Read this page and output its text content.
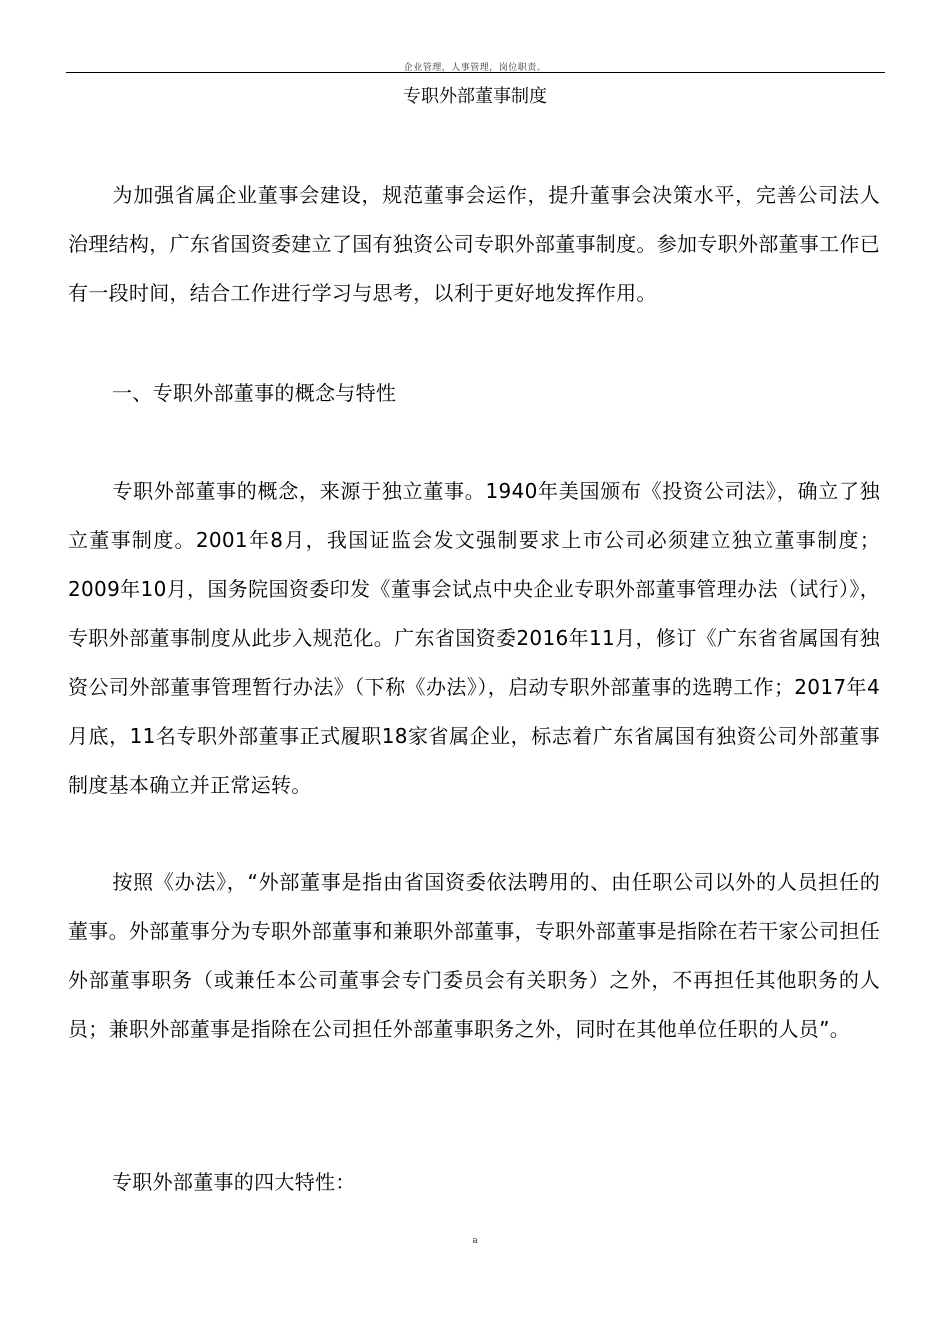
企业管理，人事管理，岗位职责。
专职外部董事制度

为加强省属企业董事会建设，规范董事会运作，提升董事会决策水平，完善公司法人治理结构，广东省国资委建立了国有独资公司专职外部董事制度。参加专职外部董事工作已有一段时间，结合工作进行学习与思考，以利于更好地发挥作用。

一、专职外部董事的概念与特性

专职外部董事的概念，来源于独立董事。1940年美国颁布《投资公司法》，确立了独立董事制度。2001年8月，我国证监会发文强制要求上市公司必须建立独立董事制度；2009年10月，国务院国资委印发《董事会试点中央企业专职外部董事管理办法（试行）》，专职外部董事制度从此步入规范化。广东省国资委2016年11月，修订《广东省省属国有独资公司外部董事管理暂行办法》（下称《办法》），启动专职外部董事的选聘工作；2017年4月底，11名专职外部董事正式履职18家省属企业，标志着广东省属国有独资公司外部董事制度基本确立并正常运转。

按照《办法》，“外部董事是指由省国资委依法聘用的、由任职公司以外的人员担任的董事。外部董事分为专职外部董事和兼职外部董事，专职外部董事是指除在若干家公司担任外部董事职务（或兼任本公司董事会专门委员会有关职务）之外，不再担任其他职务的人员；兼职外部董事是指除在公司担任外部董事职务之外，同时在其他单位任职的人员”。

专职外部董事的四大特性：

a
